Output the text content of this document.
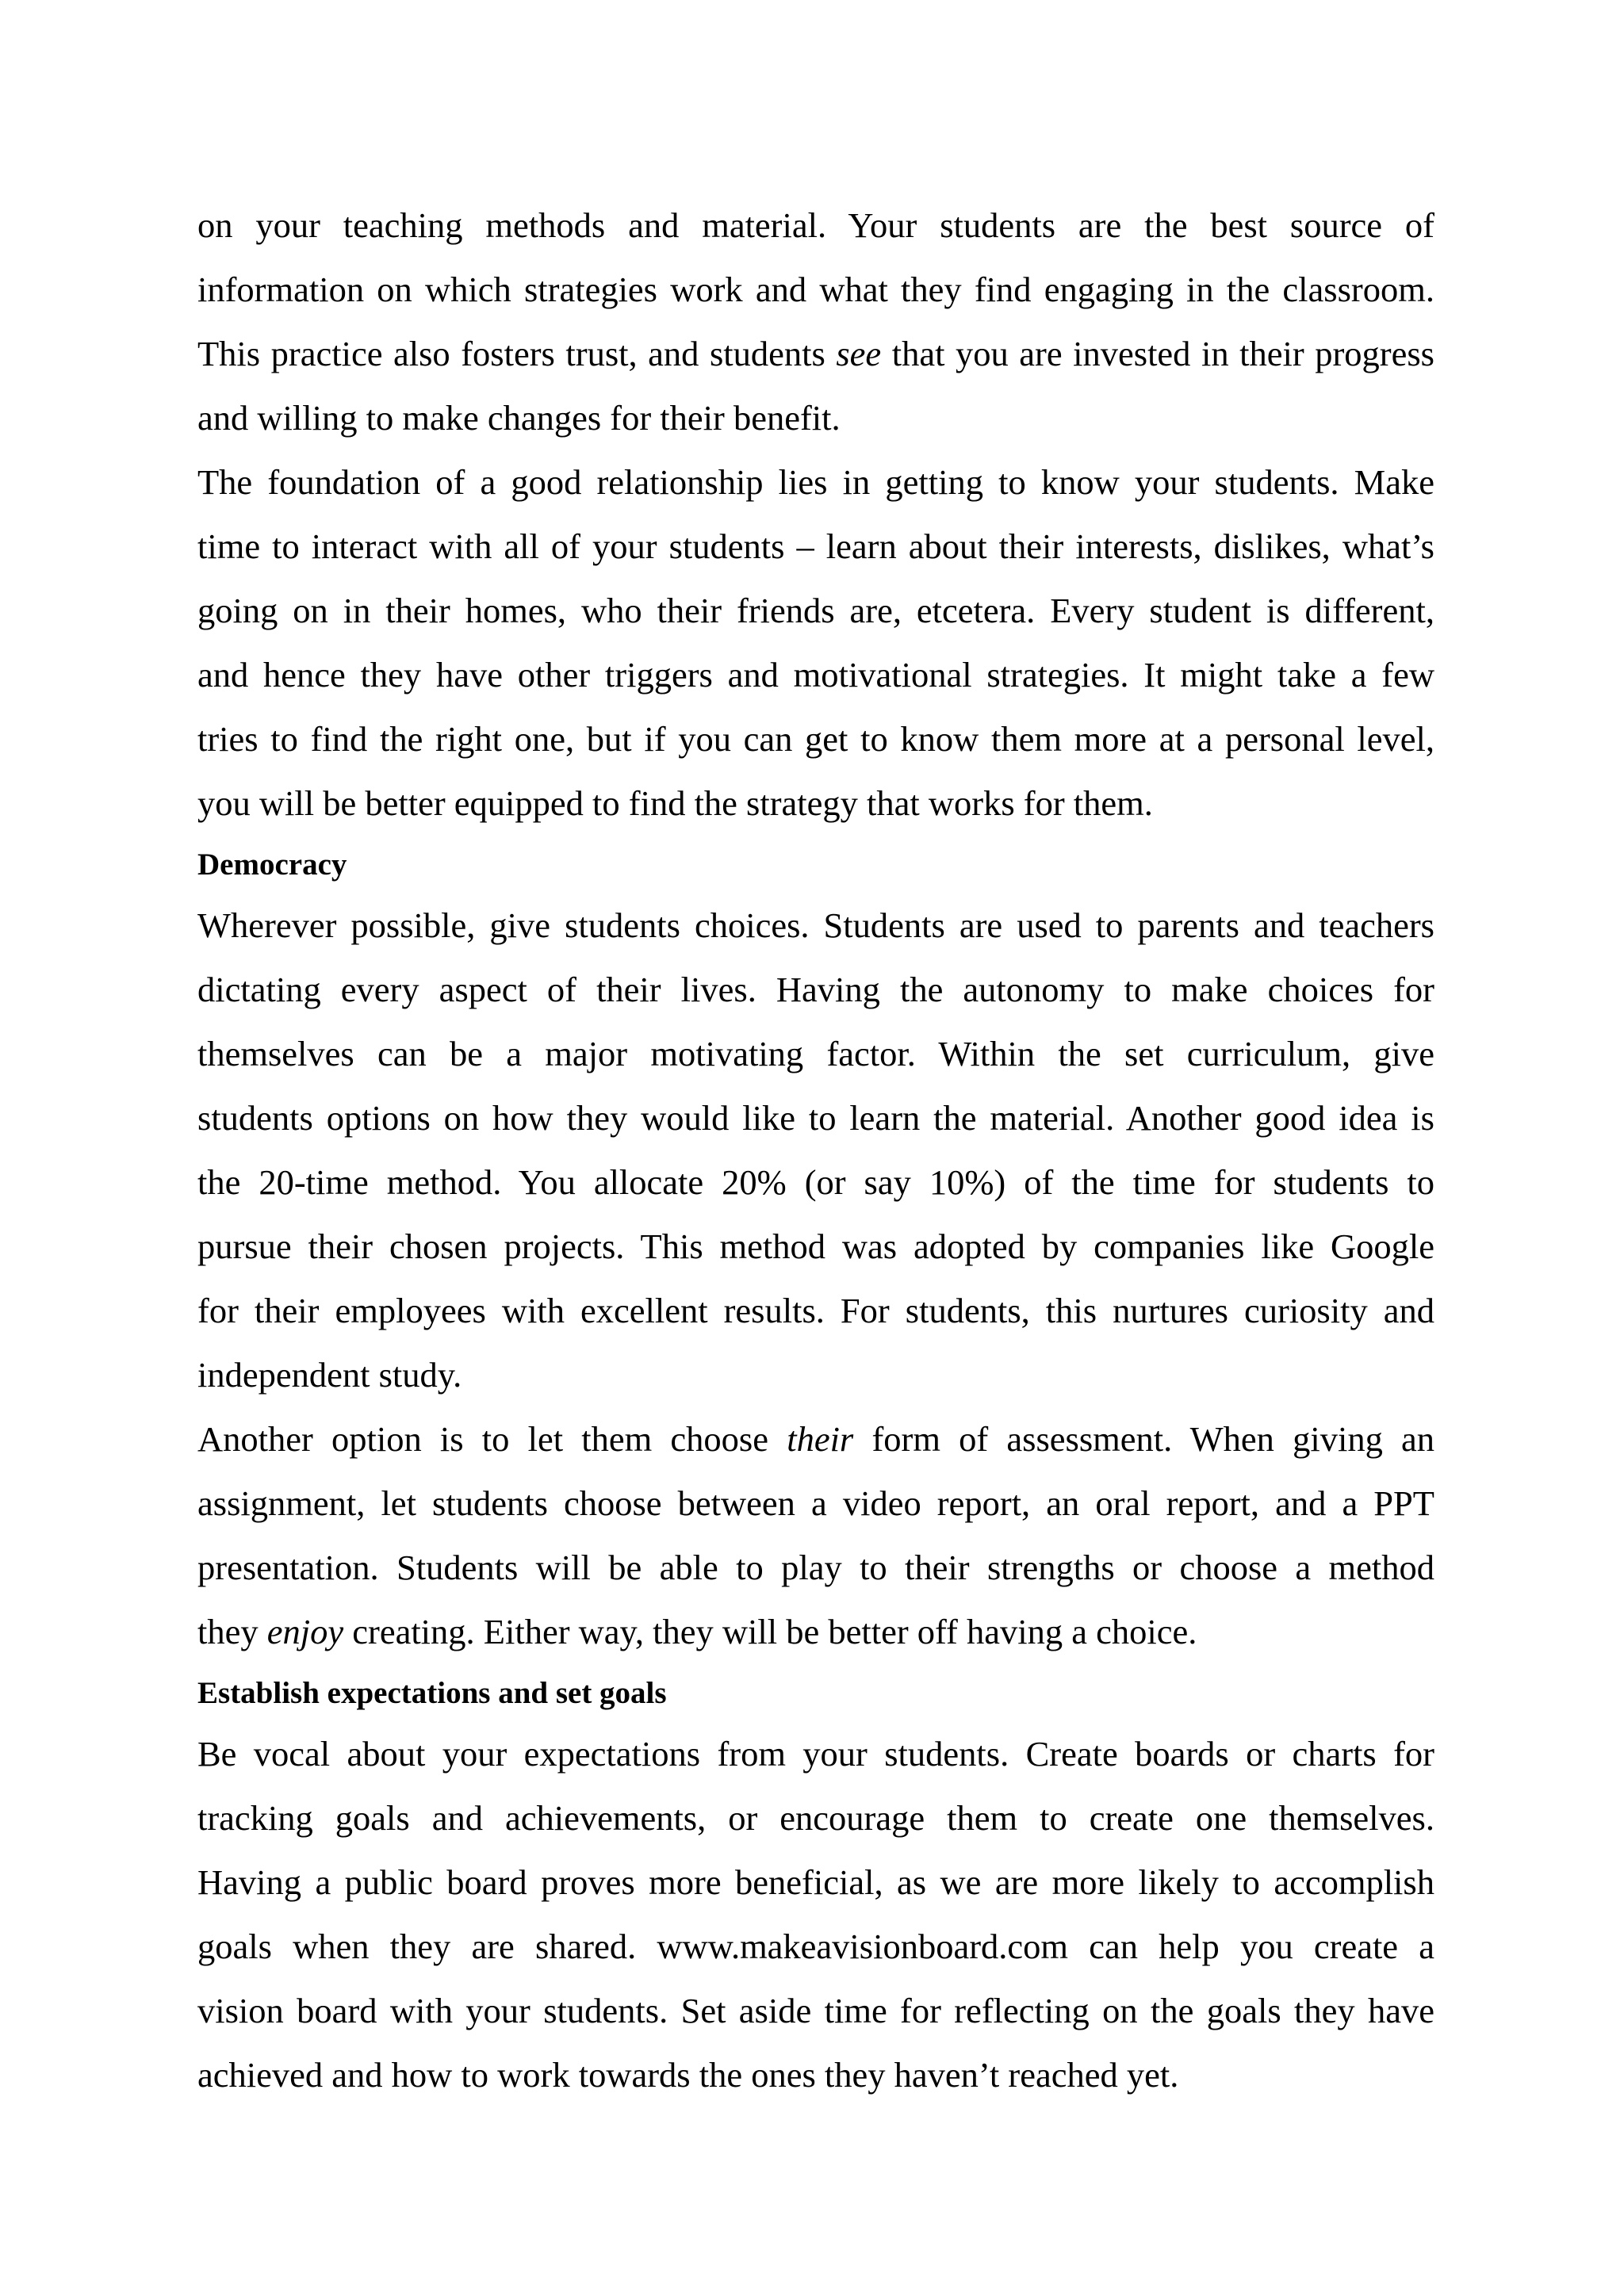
on your teaching methods and material. Your students are the best source of
information on which strategies work and what they find engaging in the classroom.
This practice also fosters trust, and students see that you are invested in their progress
and willing to make changes for their benefit.

The foundation of a good relationship lies in getting to know your students. Make
time to interact with all of your students – learn about their interests, dislikes, what’s
going on in their homes, who their friends are, etcetera. Every student is different,
and hence they have other triggers and motivational strategies. It might take a few
tries to find the right one, but if you can get to know them more at a personal level,
you will be better equipped to find the strategy that works for them.

Democracy

Wherever possible, give students choices. Students are used to parents and teachers
dictating every aspect of their lives. Having the autonomy to make choices for
themselves can be a major motivating factor. Within the set curriculum, give
students options on how they would like to learn the material. Another good idea is
the 20-time method. You allocate 20% (or say 10%) of the time for students to
pursue their chosen projects. This method was adopted by companies like Google
for their employees with excellent results. For students, this nurtures curiosity and
independent study.

Another option is to let them choose their form of assessment. When giving an
assignment, let students choose between a video report, an oral report, and a PPT
presentation. Students will be able to play to their strengths or choose a method
they enjoy creating. Either way, they will be better off having a choice.

Establish expectations and set goals

Be vocal about your expectations from your students. Create boards or charts for
tracking goals and achievements, or encourage them to create one themselves.
Having a public board proves more beneficial, as we are more likely to accomplish
goals when they are shared. www.makeavisionboard.com can help you create a
vision board with your students. Set aside time for reflecting on the goals they have
achieved and how to work towards the ones they haven’t reached yet.
